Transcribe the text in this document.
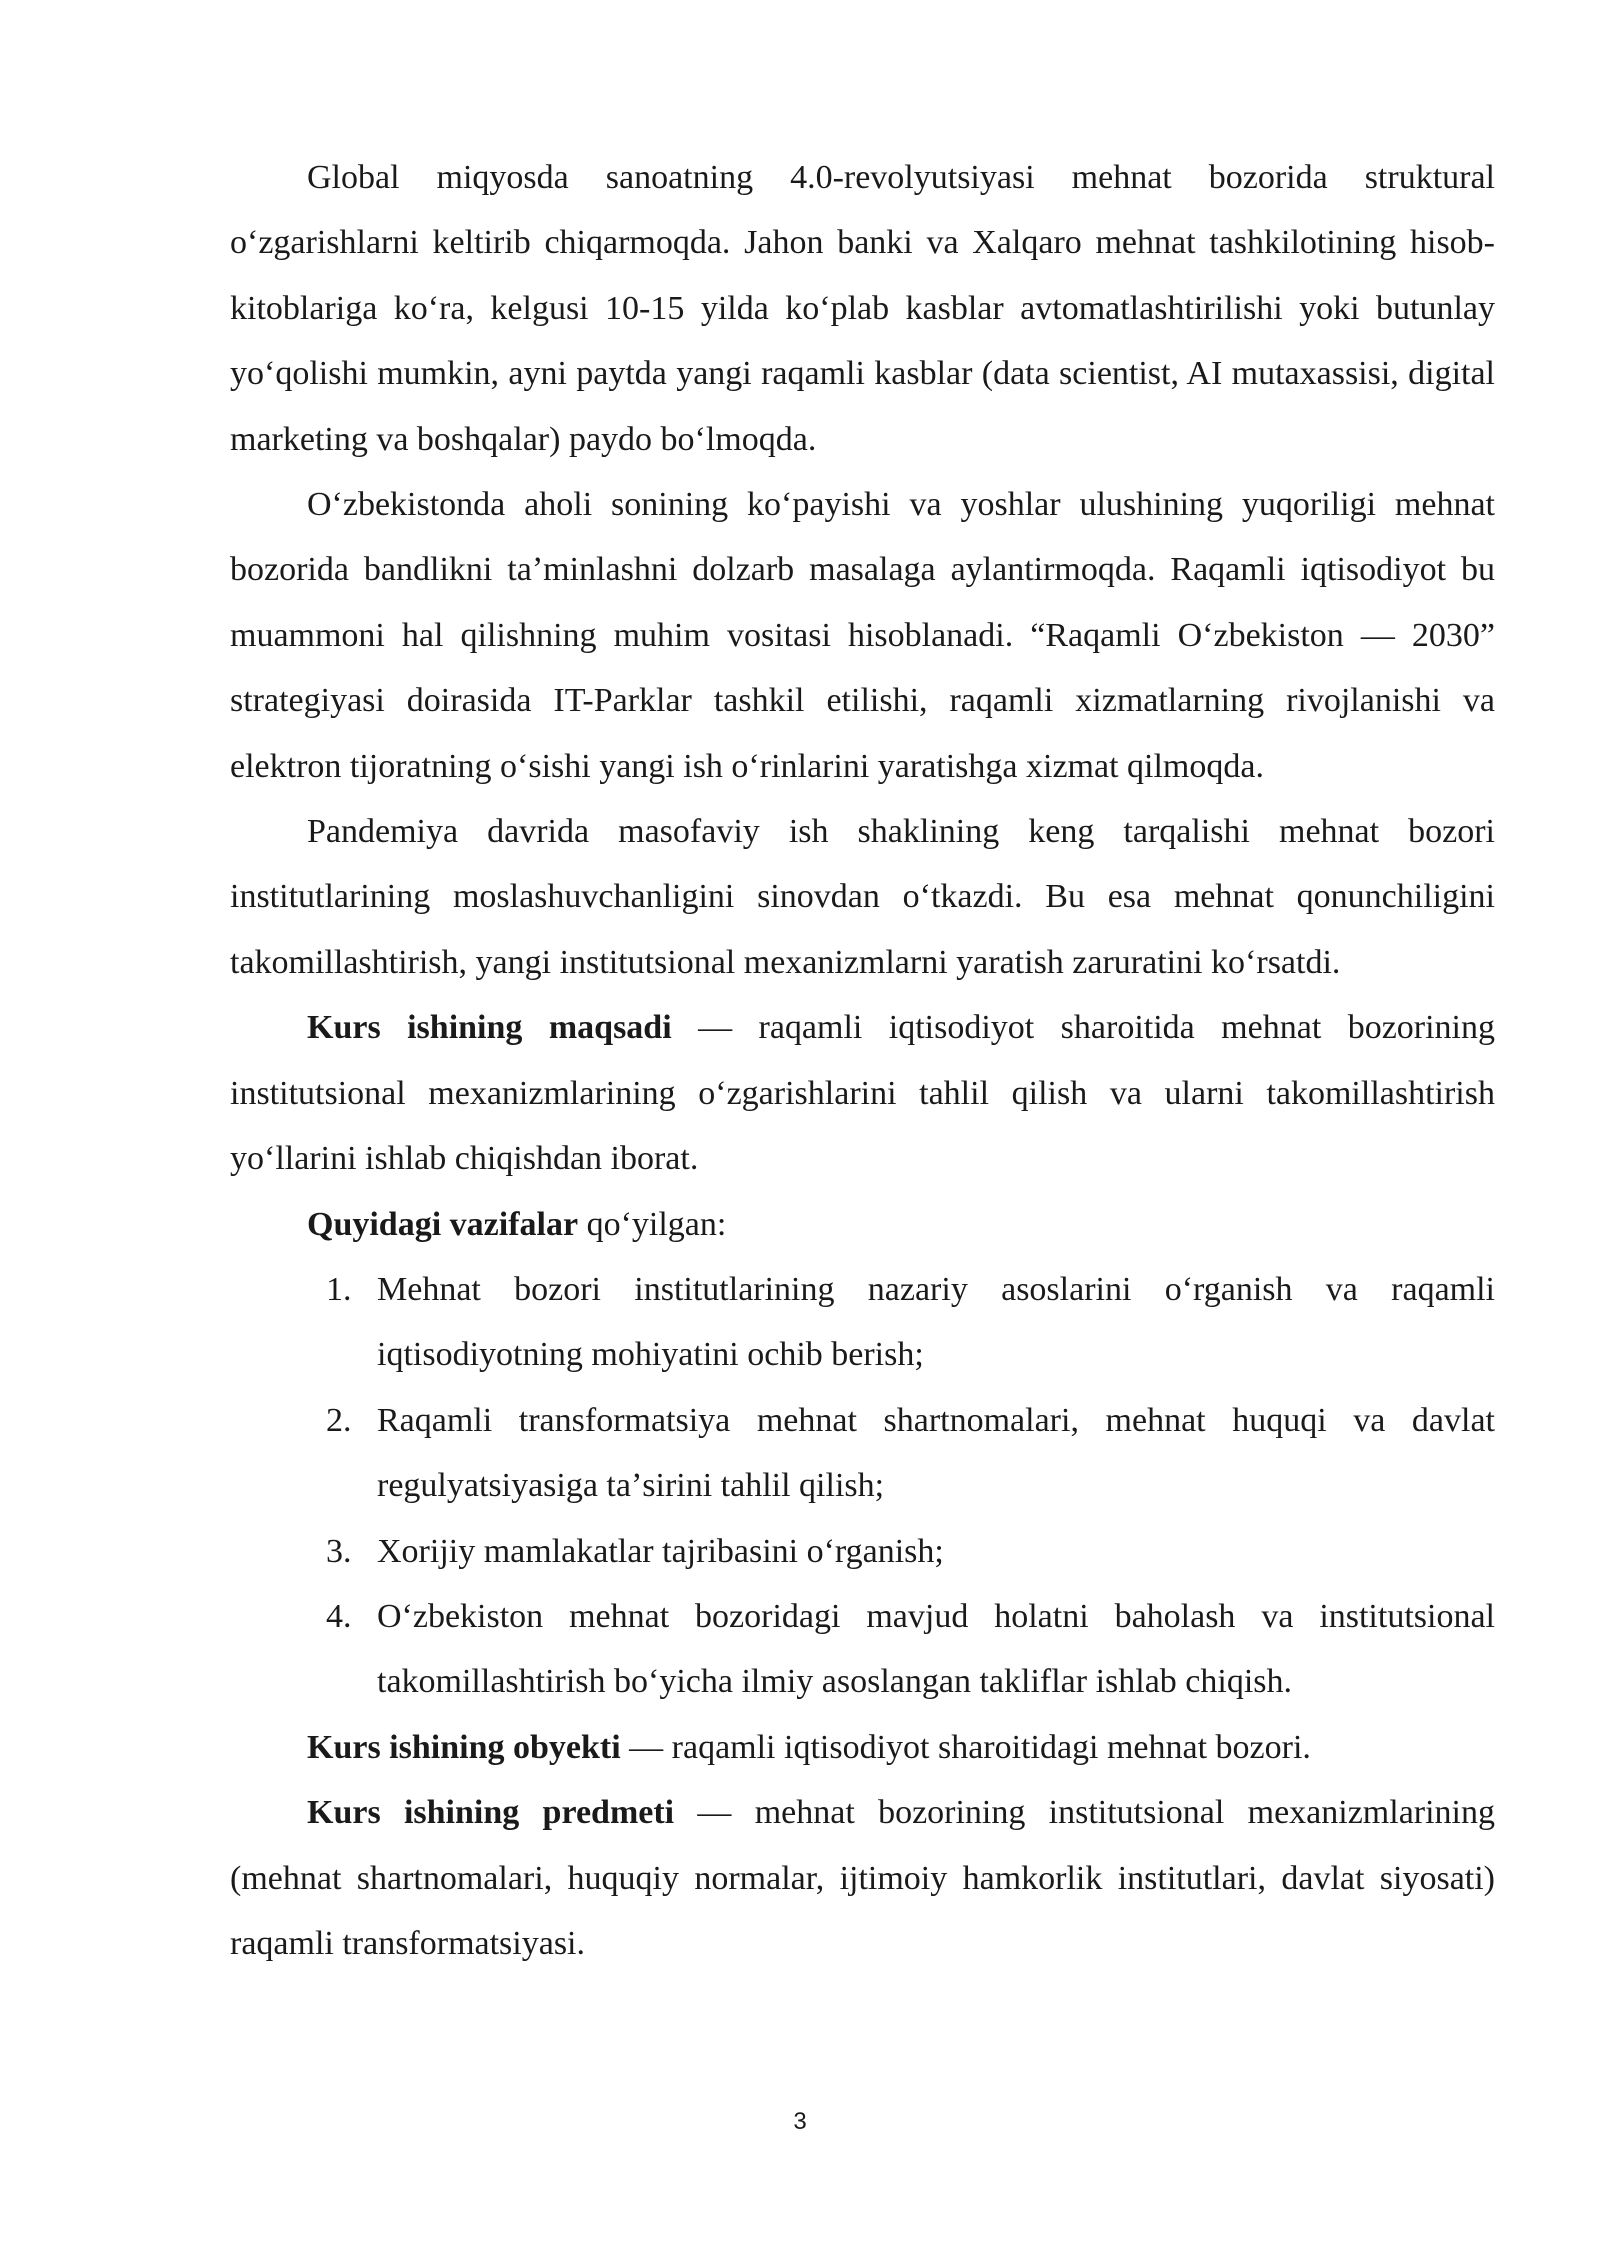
Global miqyosda sanoatning 4.0-revolyutsiyasi mehnat bozorida struktural oʻzgarishlarni keltirib chiqarmoqda. Jahon banki va Xalqaro mehnat tashkilotining hisob-kitoblariga koʻra, kelgusi 10-15 yilda koʻplab kasblar avtomatlashtirilishi yoki butunlay yoʻqolishi mumkin, ayni paytda yangi raqamli kasblar (data scientist, AI mutaxassisi, digital marketing va boshqalar) paydo boʻlmoqda.

Oʻzbekistonda aholi sonining koʻpayishi va yoshlar ulushining yuqoriligi mehnat bozorida bandlikni taʼminlashni dolzarb masalaga aylantirmoqda. Raqamli iqtisodiyot bu muammoni hal qilishning muhim vositasi hisoblanadi. “Raqamli Oʻzbekiston — 2030” strategiyasi doirasida IT-Parklar tashkil etilishi, raqamli xizmatlarning rivojlanishi va elektron tijoratning oʻsishi yangi ish oʻrinlarini yaratishga xizmat qilmoqda.

Pandemiya davrida masofaviy ish shaklining keng tarqalishi mehnat bozori institutlarining moslashuvchanligini sinovdan oʻtkazdi. Bu esa mehnat qonunchiligini takomillashtirish, yangi institutsional mexanizmlarni yaratish zaruratini koʻrsatdi.

Kurs ishining maqsadi — raqamli iqtisodiyot sharoitida mehnat bozorining institutsional mexanizmlarining oʻzgarishlarini tahlil qilish va ularni takomillashtirish yoʻllarini ishlab chiqishdan iborat.

Quyidagi vazifalar qoʻyilgan:

1. Mehnat bozori institutlarining nazariy asoslarini oʻrganish va raqamli iqtisodiyotning mohiyatini ochib berish;
2. Raqamli transformatsiya mehnat shartnomalari, mehnat huquqi va davlat regulyatsiyasiga taʼsirini tahlil qilish;
3. Xorijiy mamlakatlar tajribasini oʻrganish;
4. Oʻzbekiston mehnat bozoridagi mavjud holatni baholash va institutsional takomillashtirish boʻyicha ilmiy asoslangan takliflar ishlab chiqish.

Kurs ishining obyekti — raqamli iqtisodiyot sharoitidagi mehnat bozori.

Kurs ishining predmeti — mehnat bozorining institutsional mexanizmlarining (mehnat shartnomalari, huquqiy normalar, ijtimoiy hamkorlik institutlari, davlat siyosati) raqamli transformatsiyasi.

3
